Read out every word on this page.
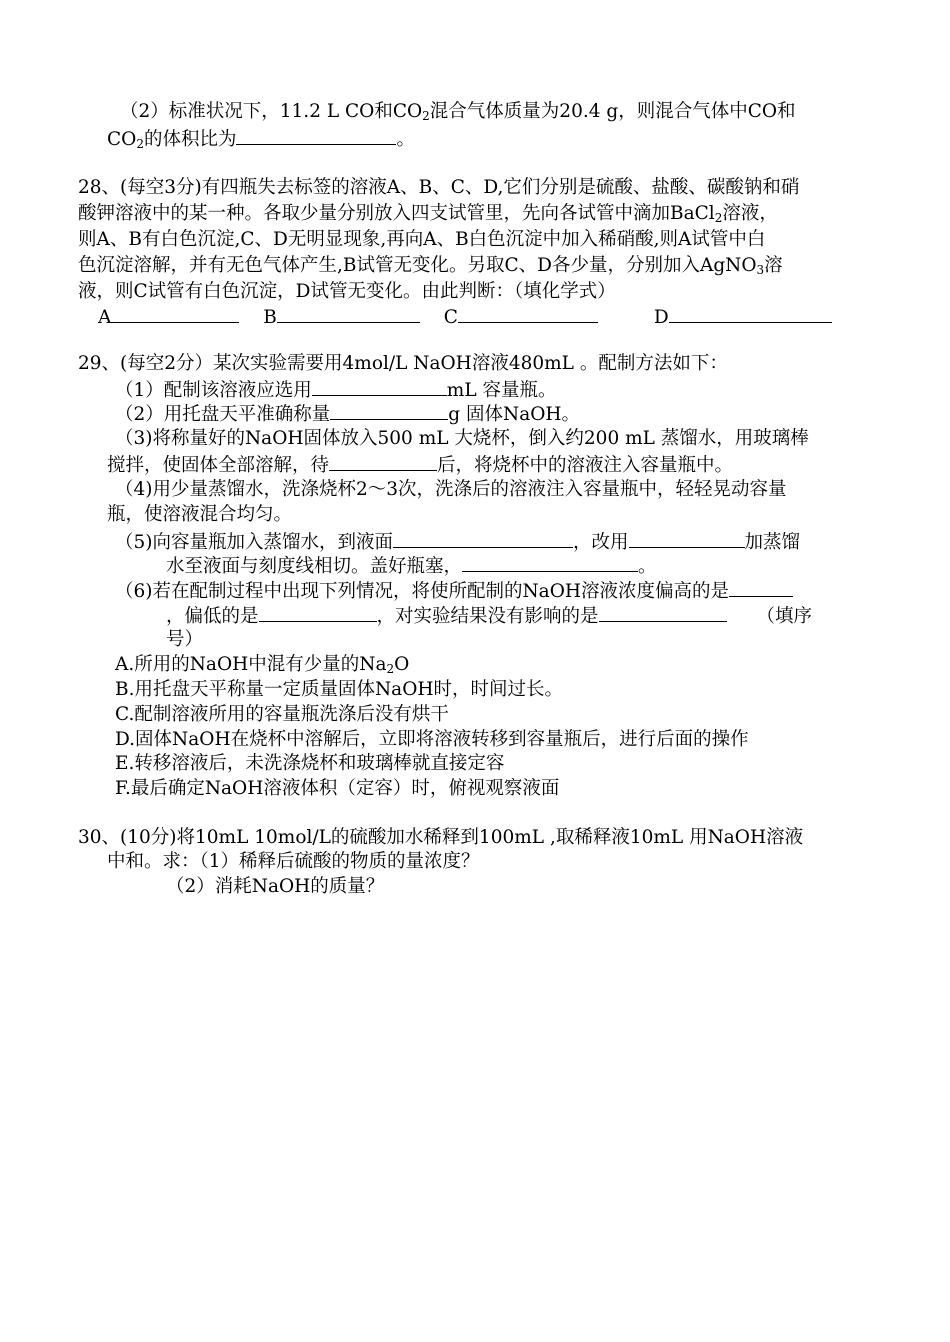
（2）标准状况下，11.2 L CO和$CO_2$混合气体质量为20.4 g，则混合气体中CO和
$CO_2$的体积比为	。
28、(每空3分)有四瓶失去标签的溶液A、B、C、D,它们分别是硫酸、盐酸、碳酸钠和硝
酸钾溶液中的某一种。各取少量分别放入四支试管里，先向各试管中滴加BaCl$_2$溶液，
则A、B有白色沉淀,C、D无明显现象,再向A、B白色沉淀中加入稀硝酸,则A试管中白
色沉淀溶解，并有无色气体产生,B试管无变化。另取C、D各少量，分别加入AgNO$_3$溶
液，则C试管有白色沉淀，D试管无变化。由此判断：（填化学式）
A	B	C	D
29、(每空2分）某次实验需要用4mol/L NaOH溶液480mL 。配制方法如下：
（1）配制该溶液应选用	mL 容量瓶。
（2）用托盘天平准确称量	g 固体NaOH。
（3)将称量好的NaOH固体放入500 mL 大烧杯，倒入约200 mL 蒸馏水，用玻璃棒
搅拌，使固体全部溶解，待	后，将烧杯中的溶液注入容量瓶中。
（4)用少量蒸馏水，洗涤烧杯2～3次，洗涤后的溶液注入容量瓶中，轻轻晃动容量
瓶，使溶液混合均匀。
（5)向容量瓶加入蒸馏水，到液面	，改用	加蒸馏
水至液面与刻度线相切。盖好瓶塞，	。
（6)若在配制过程中出现下列情况，将使所配制的NaOH溶液浓度偏高的是
，偏低的是	，对实验结果没有影响的是	（填序
号）
A.所用的NaOH中混有少量的$Na_2O$
B.用托盘天平称量一定质量固体NaOH时，时间过长。
C.配制溶液所用的容量瓶洗涤后没有烘干
D.固体NaOH在烧杯中溶解后，立即将溶液转移到容量瓶后，进行后面的操作
E.转移溶液后，未洗涤烧杯和玻璃棒就直接定容
F.最后确定NaOH溶液体积（定容）时，俯视观察液面
30、(10分)将10mL 10mol/L的硫酸加水稀释到100mL ,取稀释液10mL 用NaOH溶液
中和。求：（1）稀释后硫酸的物质的量浓度？
（2）消耗NaOH的质量？
